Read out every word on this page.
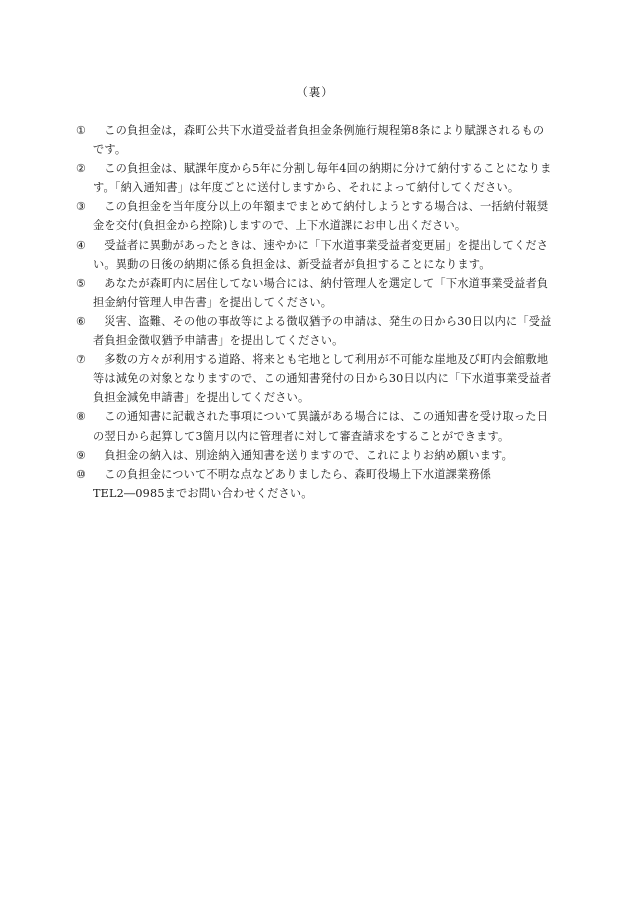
（裏）
①	この負担金は，森町公共下水道受益者負担金条例施行規程第8条により賦課されるものです。
②	この負担金は、賦課年度から5年に分割し毎年4回の納期に分けて納付することになります。「納入通知書」は年度ごとに送付しますから、それによって納付してください。
③	この負担金を当年度分以上の年額までまとめて納付しようとする場合は、一括納付報奨金を交付(負担金から控除)しますので、上下水道課にお申し出ください。
④	受益者に異動があったときは、速やかに「下水道事業受益者変更届」を提出してください。異動の日後の納期に係る負担金は、新受益者が負担することになります。
⑤	あなたが森町内に居住してない場合には、納付管理人を選定して「下水道事業受益者負担金納付管理人申告書」を提出してください。
⑥	災害、盗難、その他の事故等による徴収猶予の申請は、発生の日から30日以内に「受益者負担金徴収猶予申請書」を提出してください。
⑦	多数の方々が利用する道路、将来とも宅地として利用が不可能な崖地及び町内会館敷地等は減免の対象となりますので、この通知書発付の日から30日以内に「下水道事業受益者負担金減免申請書」を提出してください。
⑧	この通知書に記載された事項について異議がある場合には、この通知書を受け取った日の翌日から起算して3箇月以内に管理者に対して審査請求をすることができます。
⑨	負担金の納入は、別途納入通知書を送りますので、これによりお納め願います。
⑩	この負担金について不明な点などありましたら、森町役場上下水道課業務係TEL2―0985までお問い合わせください。
